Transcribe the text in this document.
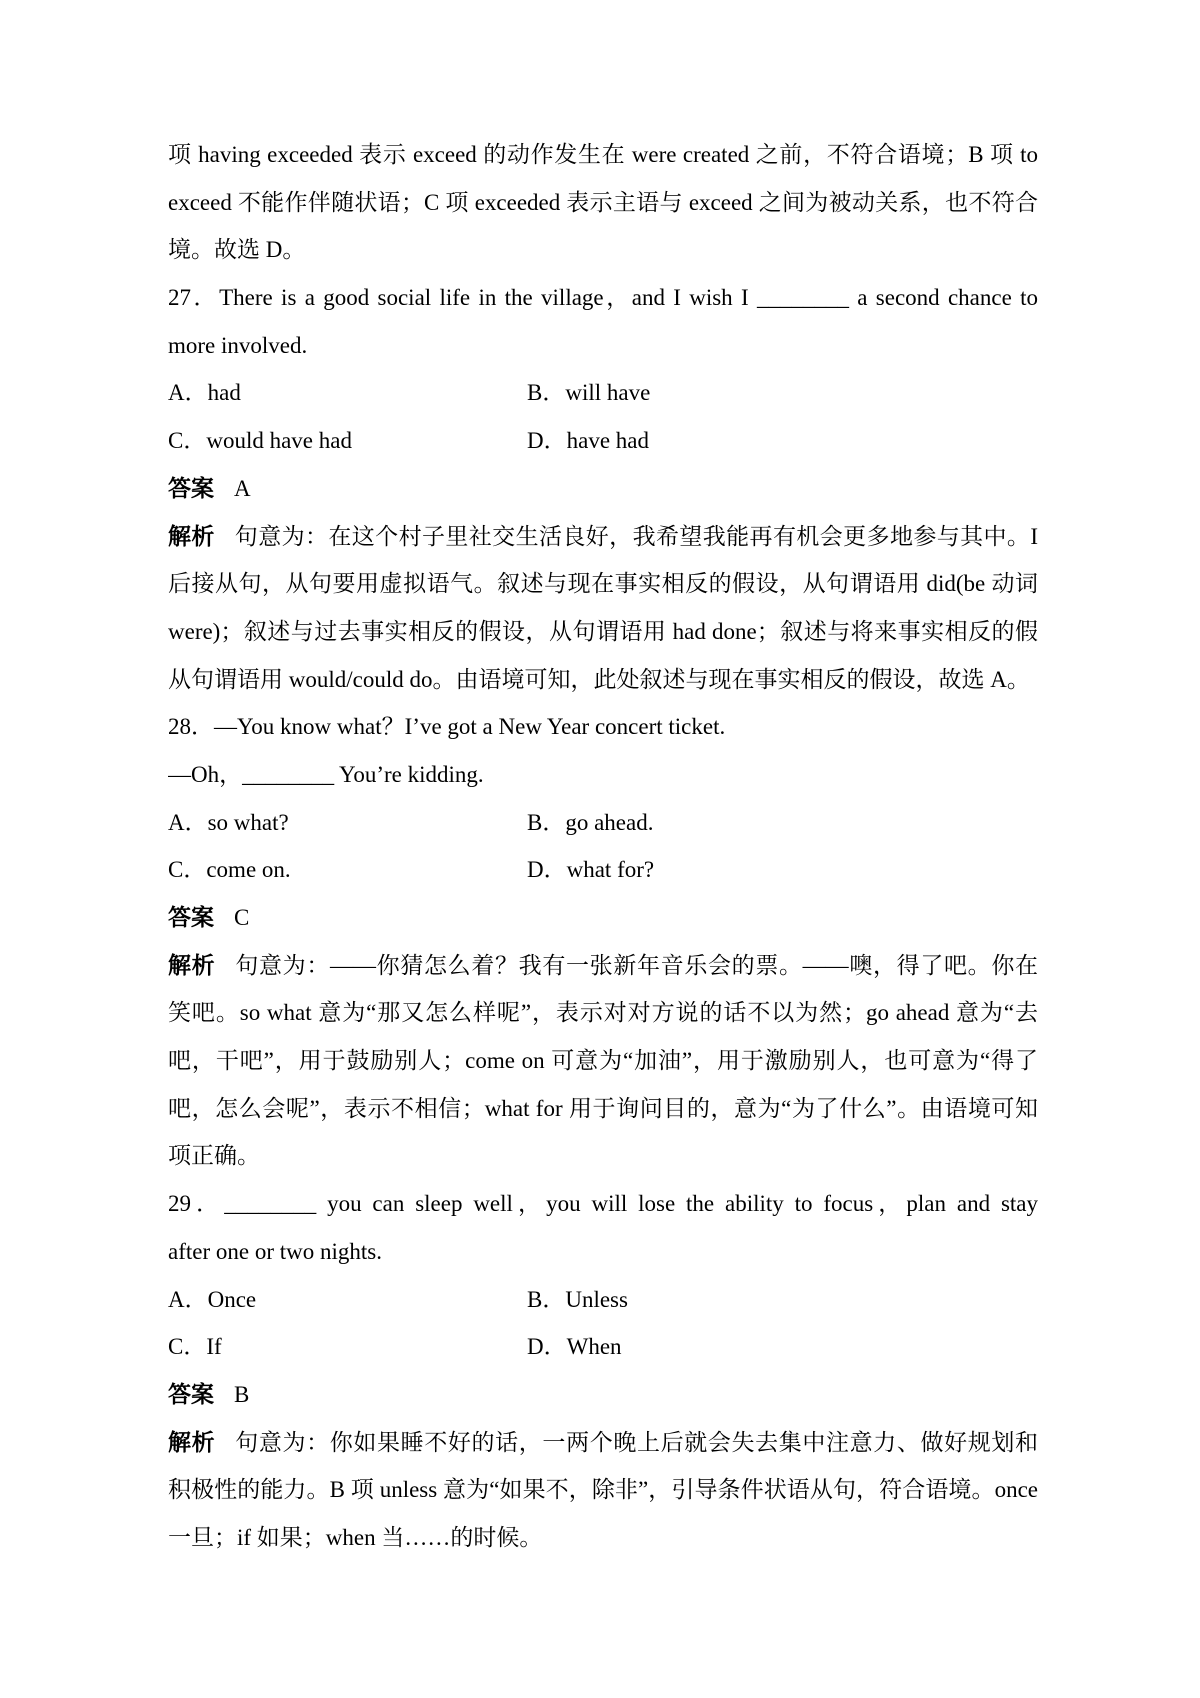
项 having exceeded 表示 exceed 的动作发生在 were created 之前，不符合语境；B 项 to
exceed 不能作伴随状语；C 项 exceeded 表示主语与 exceed 之间为被动关系，也不符合
境。故选 D。
27．There is a good social life in the village，and I wish I ________ a second chance to
more involved.
A．had	B．will have
C．would have had	D．have had
答案 A
解析 句意为：在这个村子里社交生活良好，我希望我能再有机会更多地参与其中。I
后接从句，从句要用虚拟语气。叙述与现在事实相反的假设，从句谓语用 did(be 动词
were)；叙述与过去事实相反的假设，从句谓语用 had done；叙述与将来事实相反的假
从句谓语用 would/could do。由语境可知，此处叙述与现在事实相反的假设，故选 A。
28．—You know what？I’ve got a New Year concert ticket.
—Oh，________ You’re kidding.
A．so what?	B．go ahead.
C．come on.	D．what for?
答案 C
解析 句意为：——你猜怎么着？我有一张新年音乐会的票。——噢，得了吧。你在
笑吧。so what 意为“那又怎么样呢”，表示对对方说的话不以为然；go ahead 意为“去
吧，干吧”，用于鼓励别人；come on 可意为“加油”，用于激励别人，也可意为“得了
吧，怎么会呢”，表示不相信；what for 用于询问目的，意为“为了什么”。由语境可知
项正确。
29．________ you can sleep well，you will lose the ability to focus，plan and stay
after one or two nights.
A．Once	B．Unless
C．If	D．When
答案 B
解析 句意为：你如果睡不好的话，一两个晚上后就会失去集中注意力、做好规划和
积极性的能力。B 项 unless 意为“如果不，除非”，引导条件状语从句，符合语境。once
一旦；if 如果；when 当……的时候。
